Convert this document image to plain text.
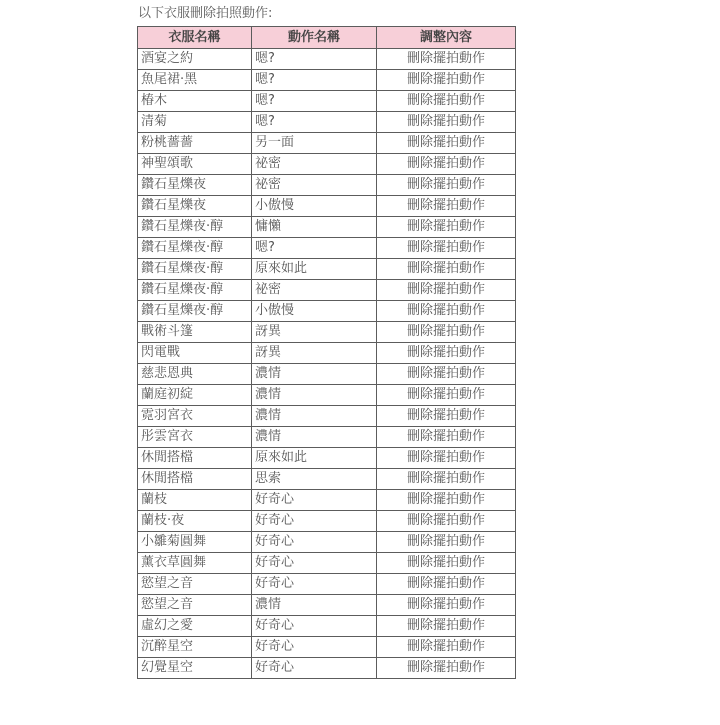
以下衣服刪除拍照動作:
衣服名稱	動作名稱	調整內容
酒宴之約	嗯?	刪除擺拍動作
魚尾裙·黑	嗯?	刪除擺拍動作
椿木	嗯?	刪除擺拍動作
清菊	嗯?	刪除擺拍動作
粉桃薔薔	另一面	刪除擺拍動作
神聖頌歌	祕密	刪除擺拍動作
鑽石星爍夜	祕密	刪除擺拍動作
鑽石星爍夜	小傲慢	刪除擺拍動作
鑽石星爍夜·醇	慵懶	刪除擺拍動作
鑽石星爍夜·醇	嗯?	刪除擺拍動作
鑽石星爍夜·醇	原來如此	刪除擺拍動作
鑽石星爍夜·醇	祕密	刪除擺拍動作
鑽石星爍夜·醇	小傲慢	刪除擺拍動作
戰術斗篷	訝異	刪除擺拍動作
閃電戰	訝異	刪除擺拍動作
慈悲恩典	濃情	刪除擺拍動作
蘭庭初綻	濃情	刪除擺拍動作
霓羽宮衣	濃情	刪除擺拍動作
彤雲宮衣	濃情	刪除擺拍動作
休閒搭檔	原來如此	刪除擺拍動作
休閒搭檔	思索	刪除擺拍動作
蘭枝	好奇心	刪除擺拍動作
蘭枝·夜	好奇心	刪除擺拍動作
小雛菊圓舞	好奇心	刪除擺拍動作
薰衣草圓舞	好奇心	刪除擺拍動作
慾望之音	好奇心	刪除擺拍動作
慾望之音	濃情	刪除擺拍動作
虛幻之愛	好奇心	刪除擺拍動作
沉醉星空	好奇心	刪除擺拍動作
幻覺星空	好奇心	刪除擺拍動作
